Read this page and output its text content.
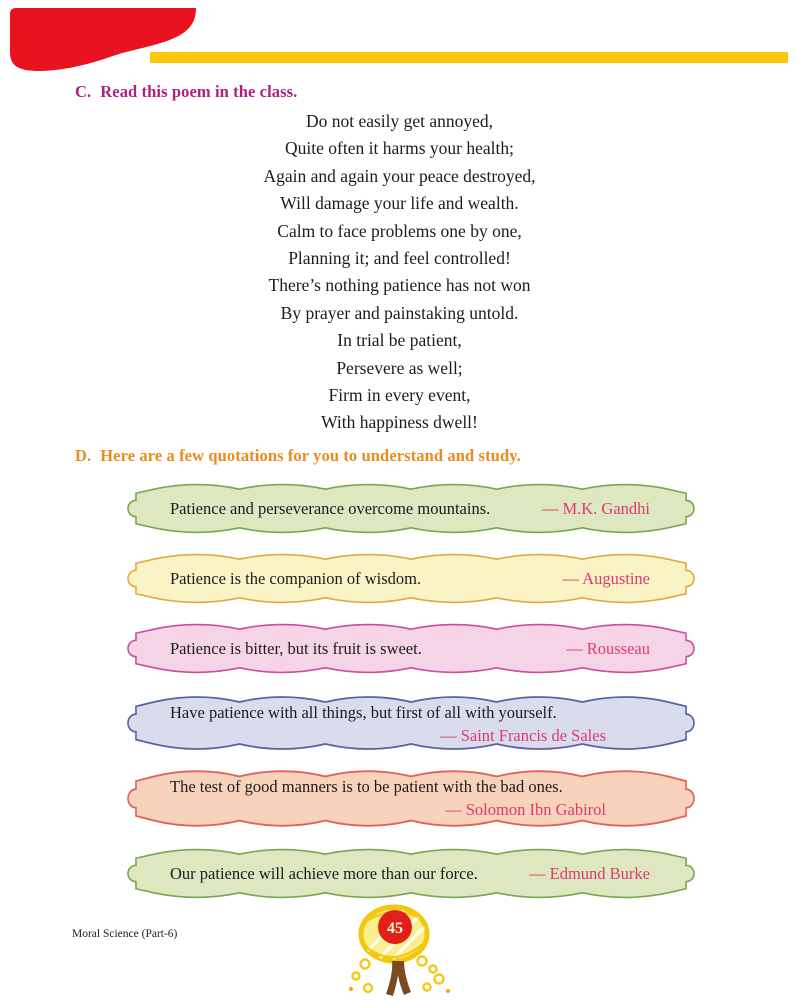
C. Read this poem in the class.
Do not easily get annoyed,
Quite often it harms your health;
Again and again your peace destroyed,
Will damage your life and wealth.
Calm to face problems one by one,
Planning it; and feel controlled!
There’s nothing patience has not won
By prayer and painstaking untold.
In trial be patient,
Persevere as well;
Firm in every event,
With happiness dwell!
D. Here are a few quotations for you to understand and study.
Patience and perseverance overcome mountains.	— M.K. Gandhi
Patience is the companion of wisdom.	— Augustine
Patience is bitter, but its fruit is sweet.	— Rousseau
Have patience with all things, but first of all with yourself.
— Saint Francis de Sales
The test of good manners is to be patient with the bad ones.
— Solomon Ibn Gabirol
Our patience will achieve more than our force.	— Edmund Burke
Moral Science (Part-6)	45
